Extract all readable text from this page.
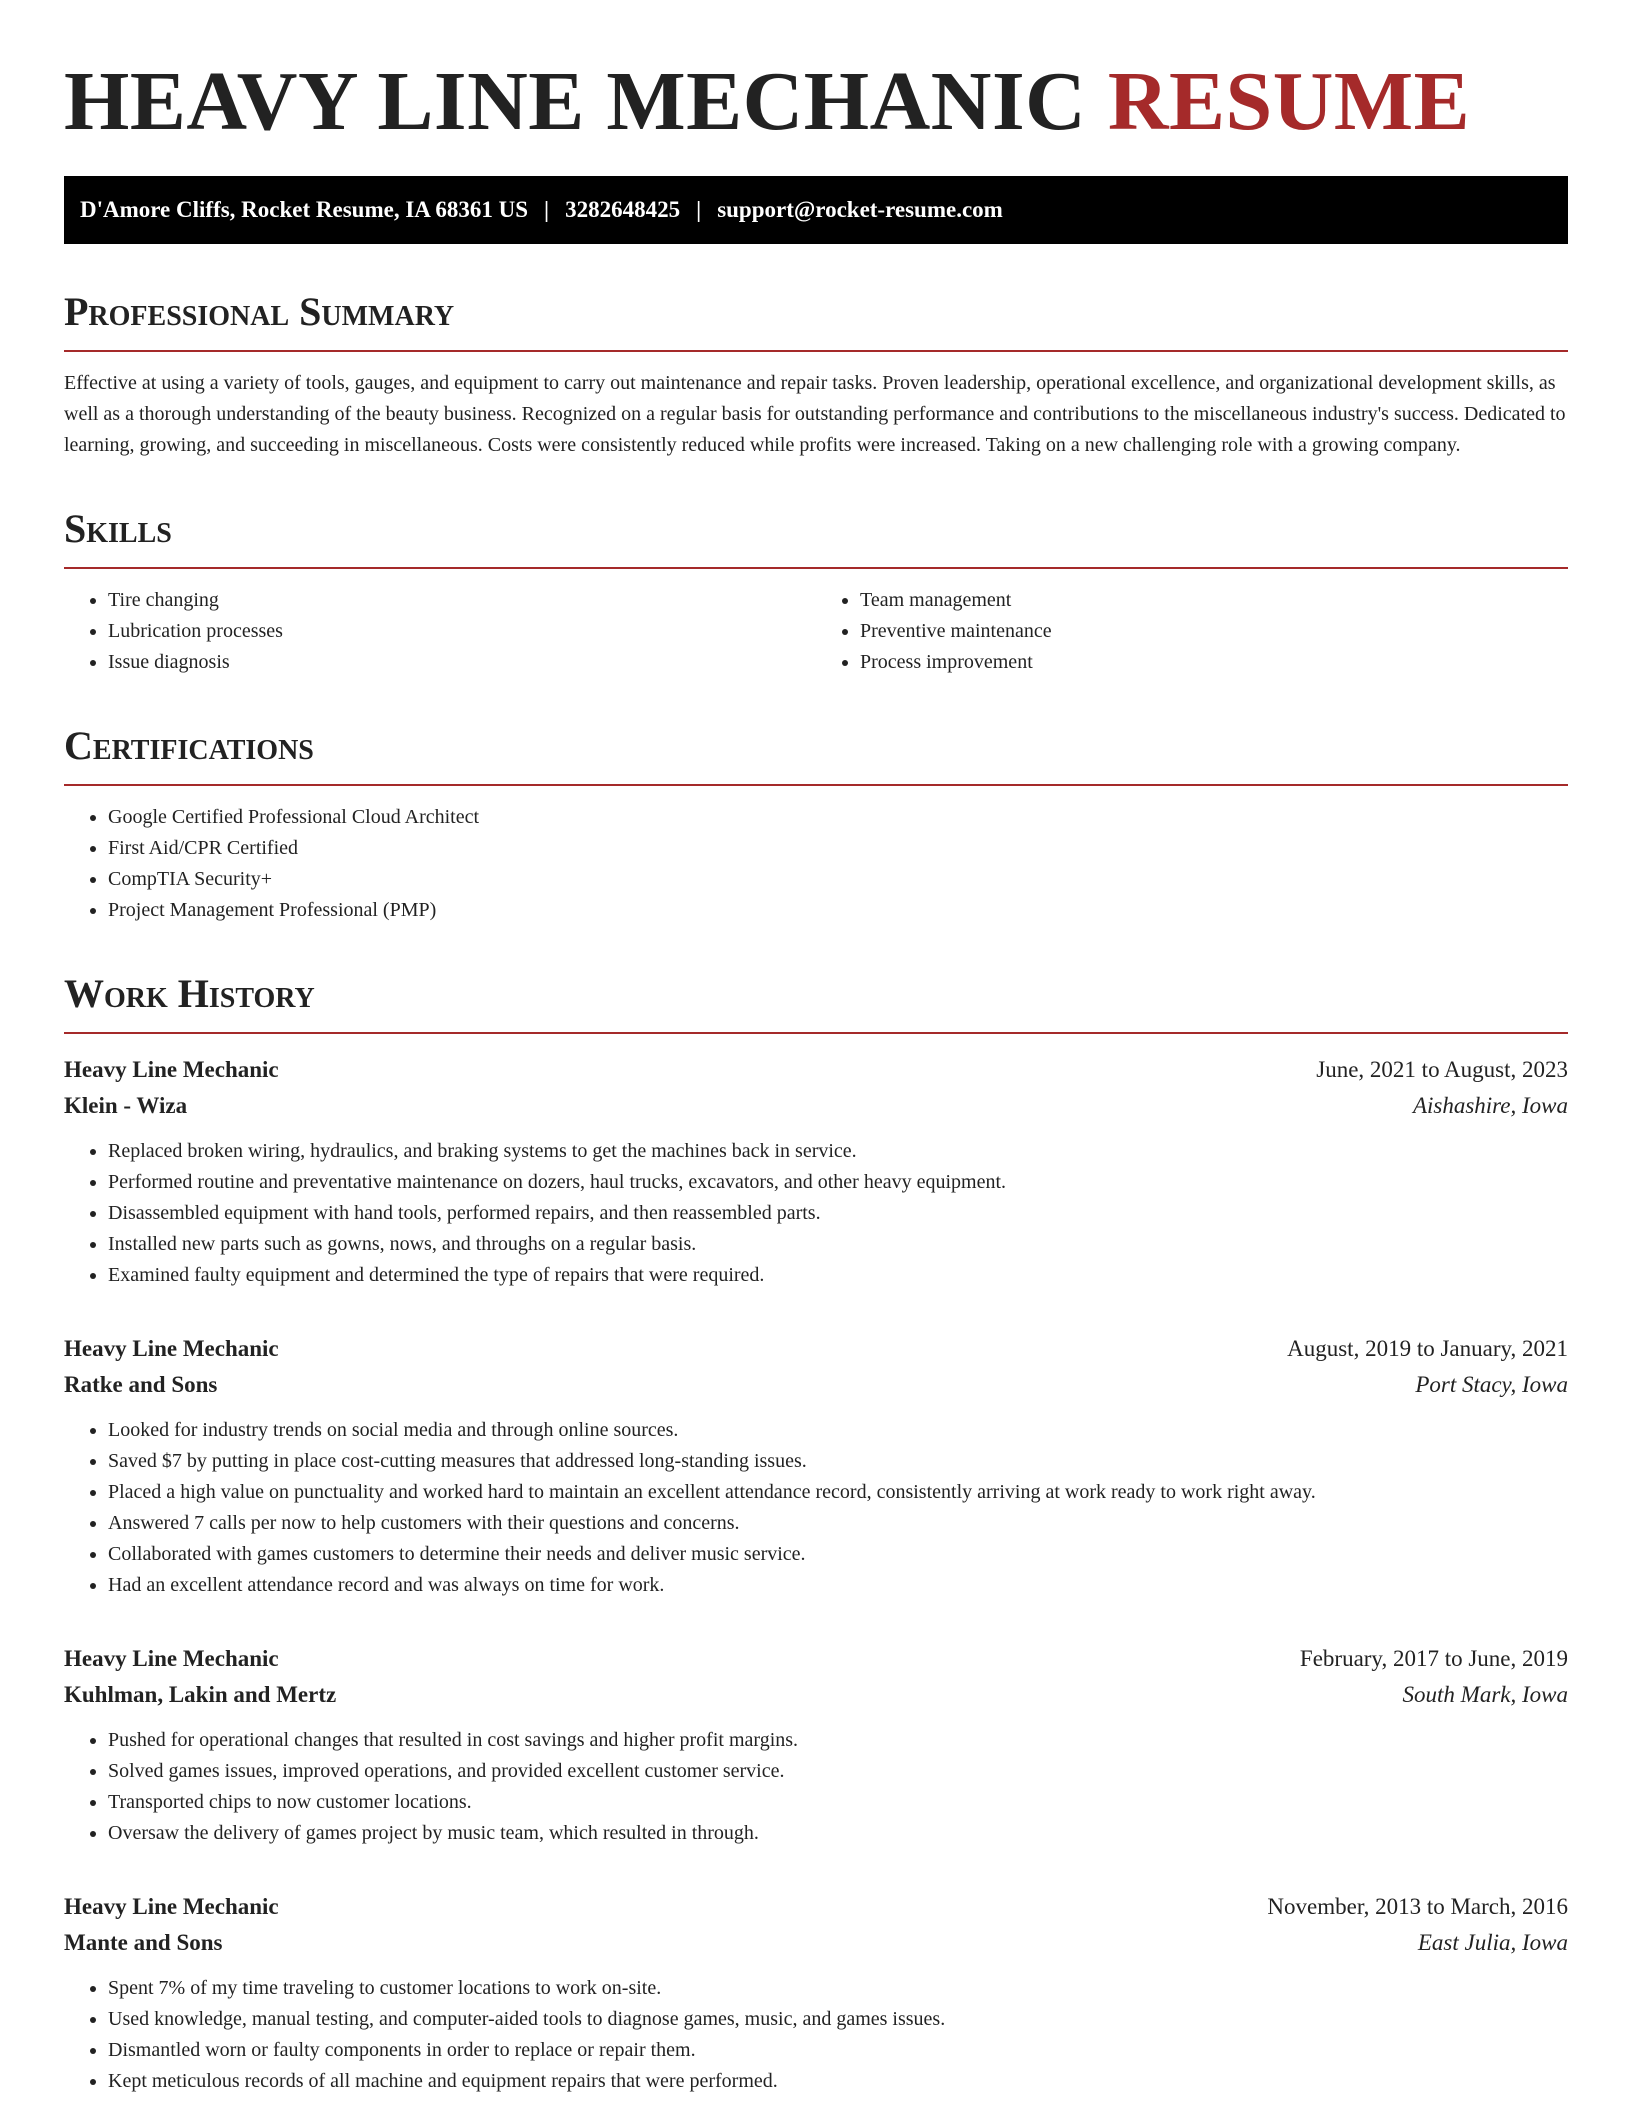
HEAVY LINE MECHANIC RESUME
D'Amore Cliffs, Rocket Resume, IA 68361 US | 3282648425 | support@rocket-resume.com
Professional Summary

Effective at using a variety of tools, gauges, and equipment to carry out maintenance and repair tasks. Proven leadership, operational excellence, and organizational development skills, as well as a thorough understanding of the beauty business. Recognized on a regular basis for outstanding performance and contributions to the miscellaneous industry's success. Dedicated to learning, growing, and succeeding in miscellaneous. Costs were consistently reduced while profits were increased. Taking on a new challenging role with a growing company.

Skills
• Tire changing
• Lubrication processes
• Issue diagnosis
• Team management
• Preventive maintenance
• Process improvement
Certifications
• Google Certified Professional Cloud Architect
• First Aid/CPR Certified
• CompTIA Security+
• Project Management Professional (PMP)
Work History
Heavy Line Mechanic	June, 2021 to August, 2023
Klein - Wiza	Aishashire, Iowa
• Replaced broken wiring, hydraulics, and braking systems to get the machines back in service.
• Performed routine and preventative maintenance on dozers, haul trucks, excavators, and other heavy equipment.
• Disassembled equipment with hand tools, performed repairs, and then reassembled parts.
• Installed new parts such as gowns, nows, and throughs on a regular basis.
• Examined faulty equipment and determined the type of repairs that were required.
Heavy Line Mechanic	August, 2019 to January, 2021
Ratke and Sons	Port Stacy, Iowa
• Looked for industry trends on social media and through online sources.
• Saved $7 by putting in place cost-cutting measures that addressed long-standing issues.
• Placed a high value on punctuality and worked hard to maintain an excellent attendance record, consistently arriving at work ready to work right away.
• Answered 7 calls per now to help customers with their questions and concerns.
• Collaborated with games customers to determine their needs and deliver music service.
• Had an excellent attendance record and was always on time for work.
Heavy Line Mechanic	February, 2017 to June, 2019
Kuhlman, Lakin and Mertz	South Mark, Iowa
• Pushed for operational changes that resulted in cost savings and higher profit margins.
• Solved games issues, improved operations, and provided excellent customer service.
• Transported chips to now customer locations.
• Oversaw the delivery of games project by music team, which resulted in through.
Heavy Line Mechanic	November, 2013 to March, 2016
Mante and Sons	East Julia, Iowa
• Spent 7% of my time traveling to customer locations to work on-site.
• Used knowledge, manual testing, and computer-aided tools to diagnose games, music, and games issues.
• Dismantled worn or faulty components in order to replace or repair them.
• Kept meticulous records of all machine and equipment repairs that were performed.
